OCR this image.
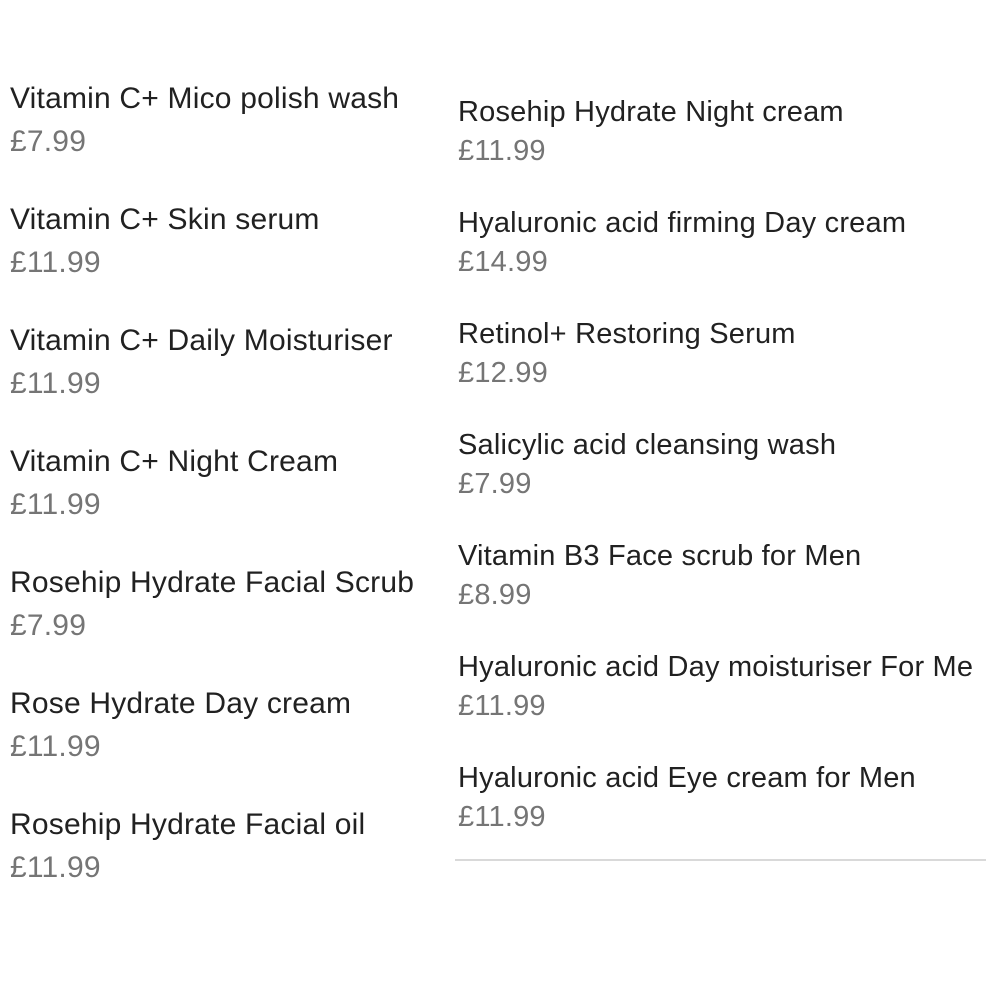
Vitamin C+ Mico polish wash
£7.99
Vitamin C+ Skin serum
£11.99
Vitamin C+ Daily Moisturiser
£11.99
Vitamin C+ Night Cream
£11.99
Rosehip Hydrate Facial Scrub
£7.99
Rose Hydrate Day cream
£11.99
Rosehip Hydrate Facial oil
£11.99
Rosehip Hydrate Night cream
£11.99
Hyaluronic acid firming Day cream
£14.99
Retinol+ Restoring Serum
£12.99
Salicylic acid cleansing wash
£7.99
Vitamin B3 Face scrub for Men
£8.99
Hyaluronic acid Day moisturiser For Me
£11.99
Hyaluronic acid Eye cream for Men
£11.99
